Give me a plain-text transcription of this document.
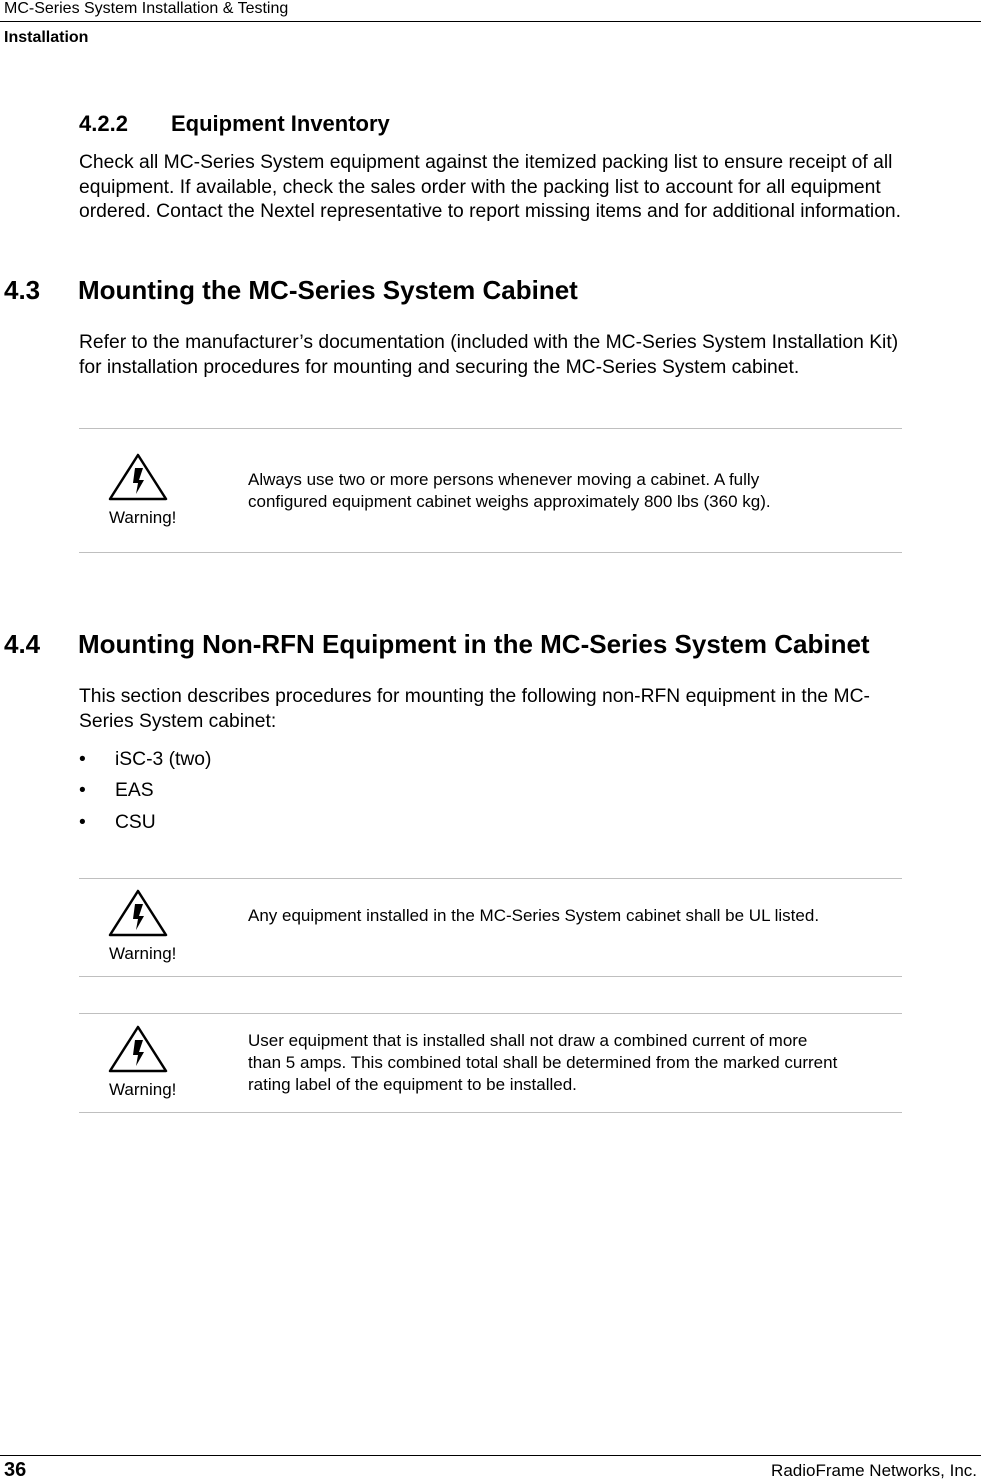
MC-Series System Installation & Testing
Installation
4.2.2 Equipment Inventory

Check all MC-Series System equipment against the itemized packing list to ensure receipt of all

equipment. If available, check the sales order with the packing list to account for all equipment

ordered. Contact the Nextel representative to report missing items and for additional information.

4.3 Mounting the MC-Series System Cabinet

Refer to the manufacturer’s documentation (included with the MC-Series System Installation Kit)

for installation procedures for mounting and securing the MC-Series System cabinet.

Warning!

Always use two or more persons whenever moving a cabinet. A fully

configured equipment cabinet weighs approximately 800 lbs (360 kg).

4.4 Mounting Non-RFN Equipment in the MC-Series System Cabinet

This section describes procedures for mounting the following non-RFN equipment in the MC-

Series System cabinet:

• iSC-3 (two)
• EAS
• CSU
Warning!

Any equipment installed in the MC-Series System cabinet shall be UL listed.

Warning!

User equipment that is installed shall not draw a combined current of more

than 5 amps. This combined total shall be determined from the marked current

rating label of the equipment to be installed.

36	RadioFrame Networks, Inc.
